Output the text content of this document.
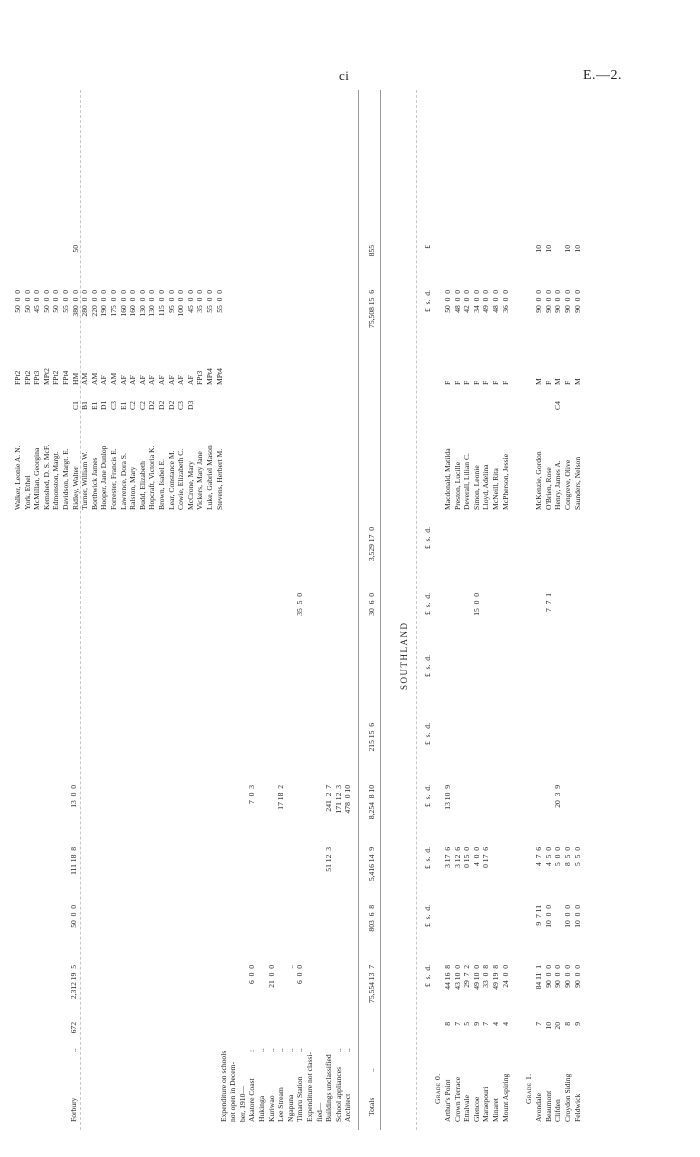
ci	E.—2.
SOUTHLAND
Forbury
..
672
2,312 19  5
50  0  0
111 18  8
13  0  0
Expenditure on schools not open in Decem- ber, 1910— Akatore Coast
:
6  0  0
7  0  3
Hukinga
..
Kuriwao
..
21  0  0
Lee Stream
..
17 18  2
Ngapuna
..
..
Timaru Station
..
6  0  0
35  5  0
Expenditure not classi- fied— Buildings unclassified
51 12  3
241  2  7
School appliances
..
171 12  3
Architect
..
478  0 10
Totals
..
75,554 13  7
803  6  8
5,416 14  9
8,254  8 10
215 15  6
30  6  0
3,529 17  0
Walker, Leonie A. N.
FPt2
50  0  0
York, Ethel
FPt2
50  0  0
McMillan, Georgina
FPt3
45  0  0
Kemshed, D. S. McF.
MPt2
50  0  0
Edmonston, Margt.
FPt2
50  0  0
Davidson, Margt. E.
FPt4
55  0  0
Ridley, Walter
C1
HM
380  0  0
50
Turner, William W.
B1
AM
280  0  0
Borthwick James
E1
AM
220  0  0
Hooper, Jane Dunlop
D1
AF
190  0  0
Forrester, Francis E.
C3
AM
175  0  0
Lawrence, Dora S.
E1
AF
160  0  0
Ralston, Mary
C2
AF
160  0  0
Budd, Elizabeth
C2
AF
130  0  0
Hopcraft, Victoria K.
D2
AF
130  0  0
Brown, Isabel E.
D2
AF
115  0  0
Lear, Constance M.
D2
AF
95  0  0
Cowie, Elizabeth C.
C3
AF
100  0  0
McCrone, Mary
D3
AF
45  0  0
Vickers, Mary Jane
FPt3
35  0  0
Luke, Gabriel Mason
MPt4
55  0  0
Stevens, Herbert M.
MPt4
55  0  0	75,508 15  6
855
£  s.  d.
£  s.  d.
£  s.  d.
£  s.  d.
£  s.  d.
£  s.  d.
£  s.  d.
£  s.  d.
£  s.  d.
£
Grade 0. Arthur's Point
8
44 16  8
3 17  6
13 10  9
Macdonald, Matilda
F
50  0  0
Crown Terrace
7
43 10  0
3 12  6
Preston, Lucille
F
48  0  0
Ettalvale
5
29  7  2
0 15  0
Deverall, Lilian C.
F
42  0  0
Glencoe
9
49 10  0
4  0  0
15  0  0
Simon, Leonie
F
34  0  0
Maraepouri
7
33  0  8
0 17  6
Lloyd, Adelina
F
49  0  0
Minaret
4
49 19  8
McNeill, Rita
F
48  0  0
Mount Aspiring
4
24  0  0
McPherson, Jessie
F
36  0  0
Grade 1.
Avondale
7
84 11  1
9  7 11
4  7  6
McKenzie, Gordon
M
90  0  0
10
Beaumont
10
90  0  0
10  0  0
4  5  0
7  7  1
O'Brien, Rose
F
90  0  0
10
Clifden
20
90  0  0
5  0  0
20  3  9
Henry, James A.
C4
M
90  0  0
Croydon Siding
8
90  0  0
10  0  0
8  5  0
Congreve, Olive
F
90  0  0
10
Feldwick
9
90  0  0
10  0  0
5  5  0
Saunders, Nelson
M
90  0  0
10
